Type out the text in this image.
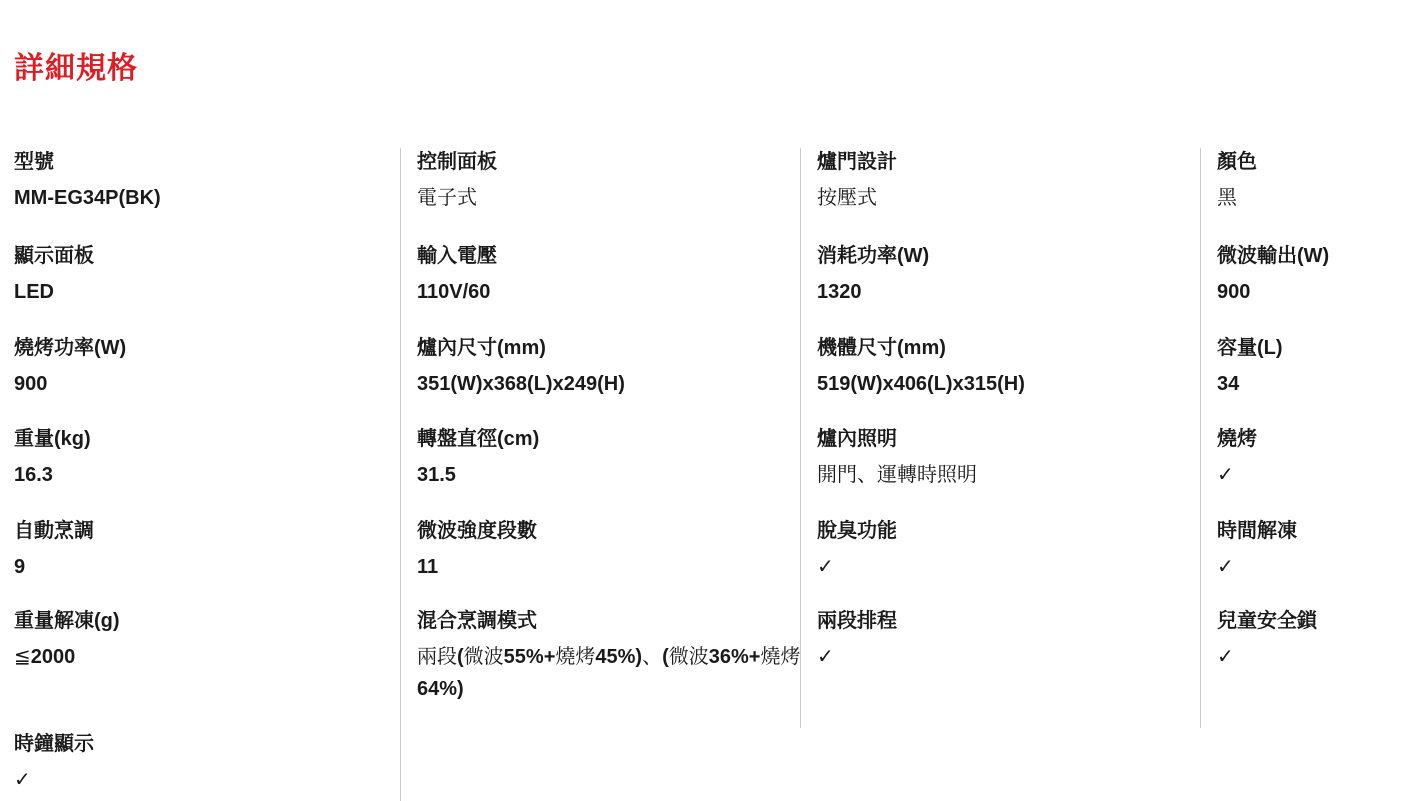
詳細規格
型號
MM-EG34P(BK)
顯示面板
LED
燒烤功率(W)
900
重量(kg)
16.3
自動烹調
9
重量解凍(g)
≦2000
時鐘顯示
✓
控制面板
電子式
輸入電壓
110V/60
爐內尺寸(mm)
351(W)x368(L)x249(H)
轉盤直徑(cm)
31.5
微波強度段數
11
混合烹調模式
兩段(微波55%+燒烤45%)、(微波36%+燒烤64%)
爐門設計
按壓式
消耗功率(W)
1320
機體尺寸(mm)
519(W)x406(L)x315(H)
爐內照明
開門、運轉時照明
脫臭功能
✓
兩段排程
✓
顏色
黑
微波輸出(W)
900
容量(L)
34
燒烤
✓
時間解凍
✓
兒童安全鎖
✓
